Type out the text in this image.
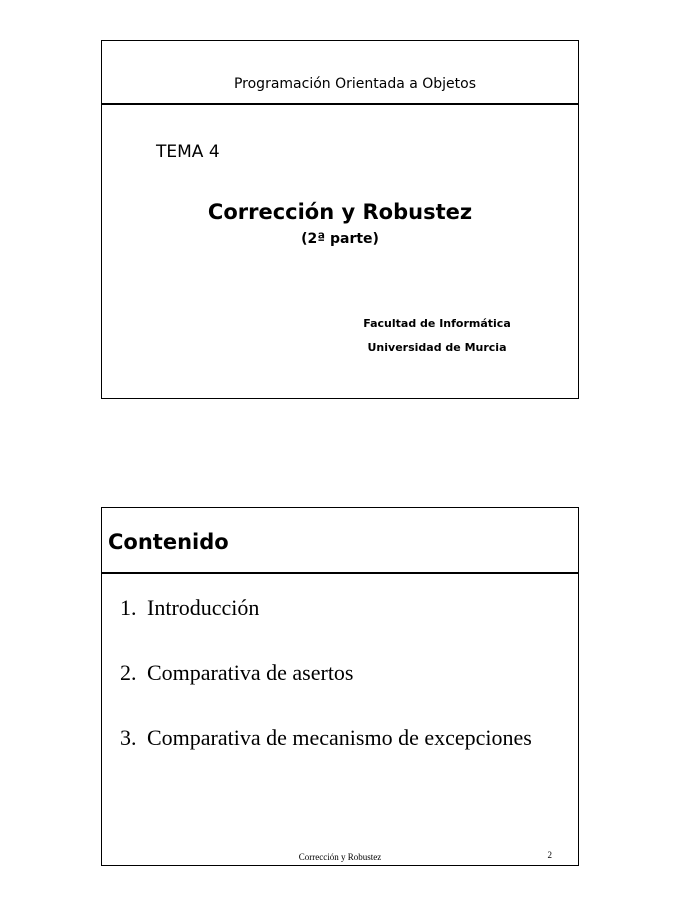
Programación Orientada a Objetos
TEMA 4
Corrección y Robustez
(2ª parte)
Facultad de Informática
Universidad de Murcia
Contenido
1. Introducción
2. Comparativa de asertos
3. Comparativa de mecanismo de excepciones
Corrección y Robustez	2
